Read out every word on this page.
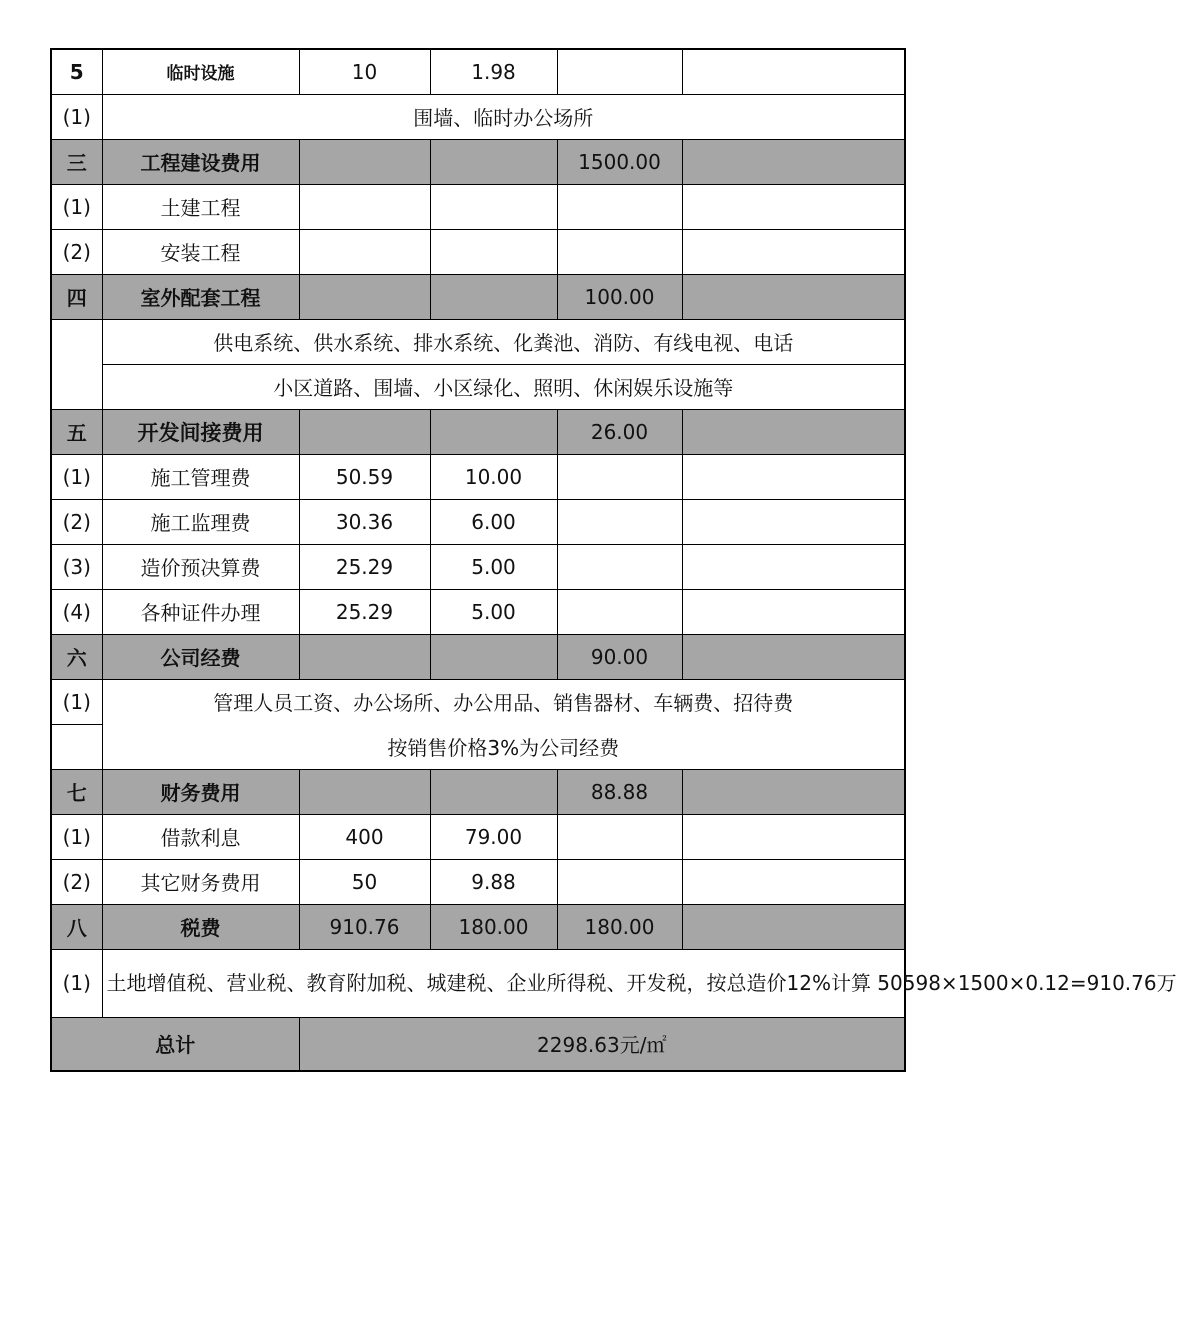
5	临时设施	10	1.98		
(1)	围墙、临时办公场所				
三	工程建设费用			1500.00	
(1)	土建工程				
(2)	安装工程				
四	室外配套工程			100.00	
	供电系统、供水系统、排水系统、化粪池、消防、有线电视、电话				
	小区道路、围墙、小区绿化、照明、休闲娱乐设施等				
五	开发间接费用			26.00	
(1)	施工管理费	50.59	10.00		
(2)	施工监理费	30.36	6.00		
(3)	造价预决算费	25.29	5.00		
(4)	各种证件办理	25.29	5.00		
六	公司经费			90.00	
(1)	管理人员工资、办公场所、办公用品、销售器材、车辆费、招待费				
	按销售价格3%为公司经费				
七	财务费用			88.88	
(1)	借款利息	400	79.00		
(2)	其它财务费用	50	9.88		
八	税费	910.76	180.00	180.00	
(1)	土地增值税、营业税、教育附加税、城建税、企业所得税、开发税，按总造价12%计算 50598×1500×0.12=910.76万				
总计		2298.63元/㎡			
